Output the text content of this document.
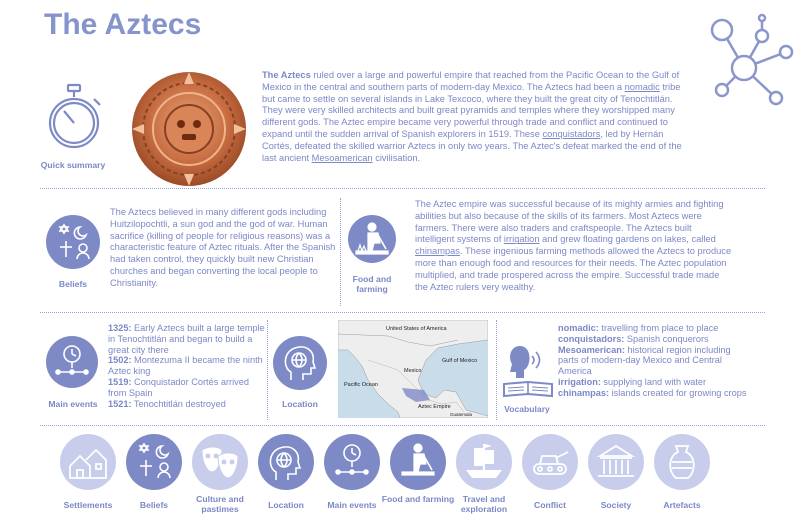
The Aztecs
Quick summary
The Aztecs ruled over a large and powerful empire that reached from the Pacific Ocean to the Gulf of Mexico in the central and southern parts of modern-day Mexico. The Aztecs had been a nomadic tribe but came to settle on several islands in Lake Texcoco, where they built the great city of Tenochtitlán. They were very skilled architects and built great pyramids and temples where they worshipped many different gods. The Aztec empire became very powerful through trade and conflict and continued to expand until the sudden arrival of Spanish explorers in 1519. These conquistadors, led by Hernán Cortés, defeated the skilled warrior Aztecs in only two years. The Aztec's defeat marked the end of the last ancient Mesoamerican civilisation.
Beliefs
The Aztecs believed in many different gods including Huitzilopochtli, a sun god and the god of war. Human sacrifice (killing of people for religious reasons) was a characteristic feature of Aztec rituals. After the Spanish had taken control, they quickly built new Christian churches and began converting the local people to Christianity.	Food and farming
The Aztec empire was successful because of its mighty armies and fighting abilities but also because of the skills of its farmers. Most Aztecs were farmers. There were also traders and craftspeople. The Aztecs built intelligent systems of irrigation and grew floating gardens on lakes, called chinampas. These ingenious farming methods allowed the Aztecs to produce more than enough food and resources for their needs. The Aztec population multiplied, and trade prospered across the empire. Successful trade made the Aztec rulers very wealthy.
Main events
1325: Early Aztecs built a large temple in Tenochtitlán and began to build a great city there
1502: Montezuma II became the ninth Aztec king
1519: Conquistador Cortés arrived from Spain
1521: Tenochtitlán destroyed	Location
United States of America
Gulf of Mexico
Mexico
Pacific Ocean
Aztec Empire
Guatemala
Vocabulary
nomadic: travelling from place to place
conquistadors: Spanish conquerors
Mesoamerican: historical region including parts of modern-day Mexico and Central America
irrigation: supplying land with water
chinampas: islands created for growing crops
Settlements	Beliefs
Culture and pastimes	Location	Main events
Food and farming Travel and exploration	Conflict	Society	Artefacts
